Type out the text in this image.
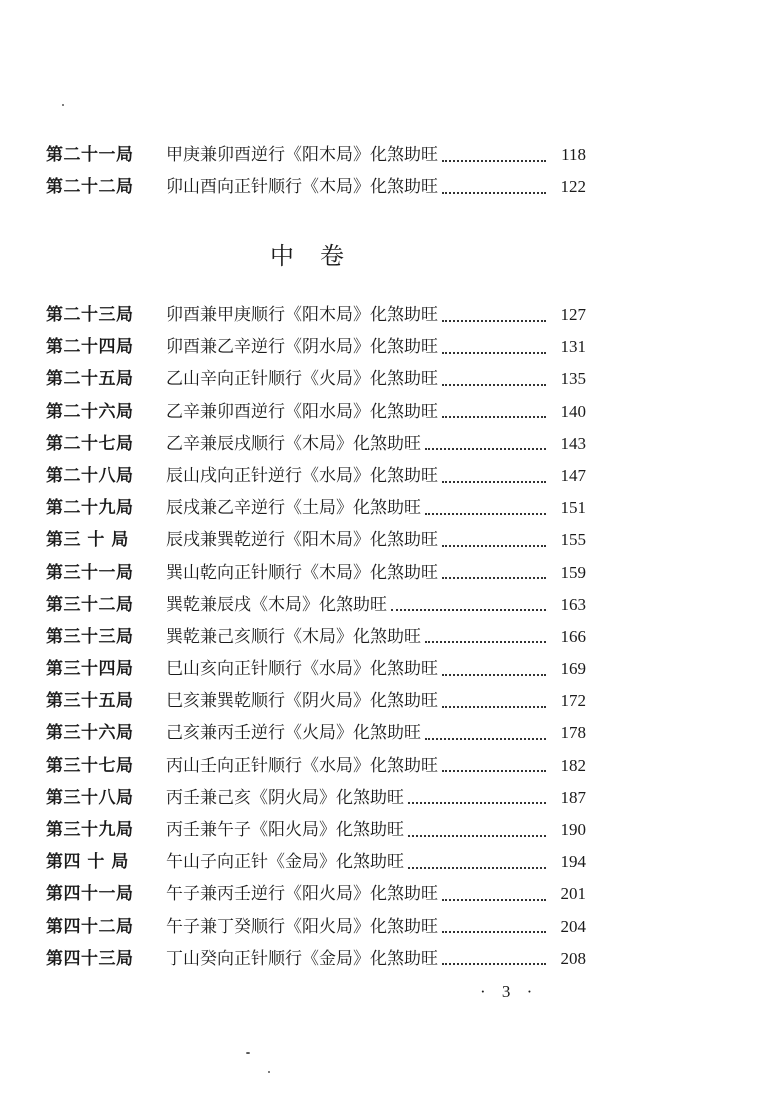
第二十一局	甲庚兼卯酉逆行《阳木局》化煞助旺	118
第二十二局	卯山酉向正针顺行《木局》化煞助旺	122
中卷
第二十三局	卯酉兼甲庚顺行《阳木局》化煞助旺	127
第二十四局	卯酉兼乙辛逆行《阴水局》化煞助旺	131
第二十五局	乙山辛向正针顺行《火局》化煞助旺	135
第二十六局	乙辛兼卯酉逆行《阳水局》化煞助旺	140
第二十七局	乙辛兼辰戌顺行《木局》化煞助旺	143
第二十八局	辰山戌向正针逆行《水局》化煞助旺	147
第二十九局	辰戌兼乙辛逆行《土局》化煞助旺	151
第三 十 局	辰戌兼巽乾逆行《阳木局》化煞助旺	155
第三十一局	巽山乾向正针顺行《木局》化煞助旺	159
第三十二局	巽乾兼辰戌《木局》化煞助旺	163
第三十三局	巽乾兼己亥顺行《木局》化煞助旺	166
第三十四局	巳山亥向正针顺行《水局》化煞助旺	169
第三十五局	巳亥兼巽乾顺行《阴火局》化煞助旺	172
第三十六局	己亥兼丙壬逆行《火局》化煞助旺	178
第三十七局	丙山壬向正针顺行《水局》化煞助旺	182
第三十八局	丙壬兼己亥《阴火局》化煞助旺	187
第三十九局	丙壬兼午子《阳火局》化煞助旺	190
第四 十 局	午山子向正针《金局》化煞助旺	194
第四十一局	午子兼丙壬逆行《阳火局》化煞助旺	201
第四十二局	午子兼丁癸顺行《阳火局》化煞助旺	204
第四十三局	丁山癸向正针顺行《金局》化煞助旺	208
· 3 ·
